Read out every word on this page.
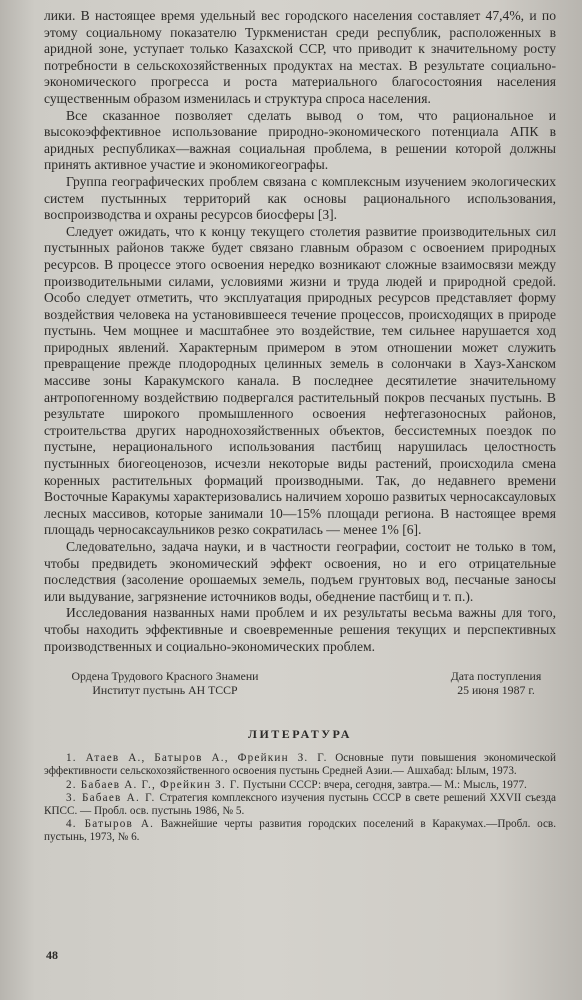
лики. В настоящее время удельный вес городского населения составляет 47,4%, и по этому социальному показателю Туркменистан среди республик, расположенных в аридной зоне, уступает только Казахской ССР, что приводит к значительному росту потребности в сельскохозяйственных продуктах на местах. В результате социально-экономического прогресса и роста материального благосостояния населения существенным образом изменилась и структура спроса населения.

Все сказанное позволяет сделать вывод о том, что рациональное и высокоэффективное использование природно-экономического потенциала АПК в аридных республиках—важная социальная проблема, в решении которой должны принять активное участие и экономикогеографы.

Группа географических проблем связана с комплексным изучением экологических систем пустынных территорий как основы рационального использования, воспроизводства и охраны ресурсов биосферы [3].

Следует ожидать, что к концу текущего столетия развитие производительных сил пустынных районов также будет связано главным образом с освоением природных ресурсов. В процессе этого освоения нередко возникают сложные взаимосвязи между производительными силами, условиями жизни и труда людей и природной средой. Особо следует отметить, что эксплуатация природных ресурсов представляет форму воздействия человека на установившееся течение процессов, происходящих в природе пустынь. Чем мощнее и масштабнее это воздействие, тем сильнее нарушается ход природных явлений. Характерным примером в этом отношении может служить превращение прежде плодородных целинных земель в солончаки в Хауз-Ханском массиве зоны Каракумского канала. В последнее десятилетие значительному антропогенному воздействию подвергался растительный покров песчаных пустынь. В результате широкого промышленного освоения нефтегазоносных районов, строительства других народнохозяйственных объектов, бессистемных поездок по пустыне, нерационального использования пастбищ нарушилась целостность пустынных биогеоценозов, исчезли некоторые виды растений, происходила смена коренных растительных формаций производными. Так, до недавнего времени Восточные Каракумы характеризовались наличием хорошо развитых черносаксауловых лесных массивов, которые занимали 10—15% площади региона. В настоящее время площадь черносаксаульников резко сократилась — менее 1% [6].

Следовательно, задача науки, и в частности географии, состоит не только в том, чтобы предвидеть экономический эффект освоения, но и его отрицательные последствия (засоление орошаемых земель, подъем грунтовых вод, песчаные заносы или выдувание, загрязнение источников воды, обеднение пастбищ и т. п.).

Исследования названных нами проблем и их результаты весьма важны для того, чтобы находить эффективные и своевременные решения текущих и перспективных производственных и социально-экономических проблем.

Ордена Трудового Красного Знамени
Институт пустынь АН ТССР
Дата поступления
25 июня 1987 г.
ЛИТЕРАТУРА

1. Атаев А., Батыров А., Фрейкин З. Г. Основные пути повышения экономической эффективности сельскохозяйственного освоения пустынь Средней Азии.— Ашхабад: Ылым, 1973.

2. Бабаев А. Г., Фрейкин З. Г. Пустыни СССР: вчера, сегодня, завтра.— М.: Мысль, 1977.

3. Бабаев А. Г. Стратегия комплексного изучения пустынь СССР в свете решений XXVII съезда КПСС. — Пробл. осв. пустынь 1986, № 5.

4. Батыров А. Важнейшие черты развития городских поселений в Каракумах.—Пробл. осв. пустынь, 1973, № 6.

48
